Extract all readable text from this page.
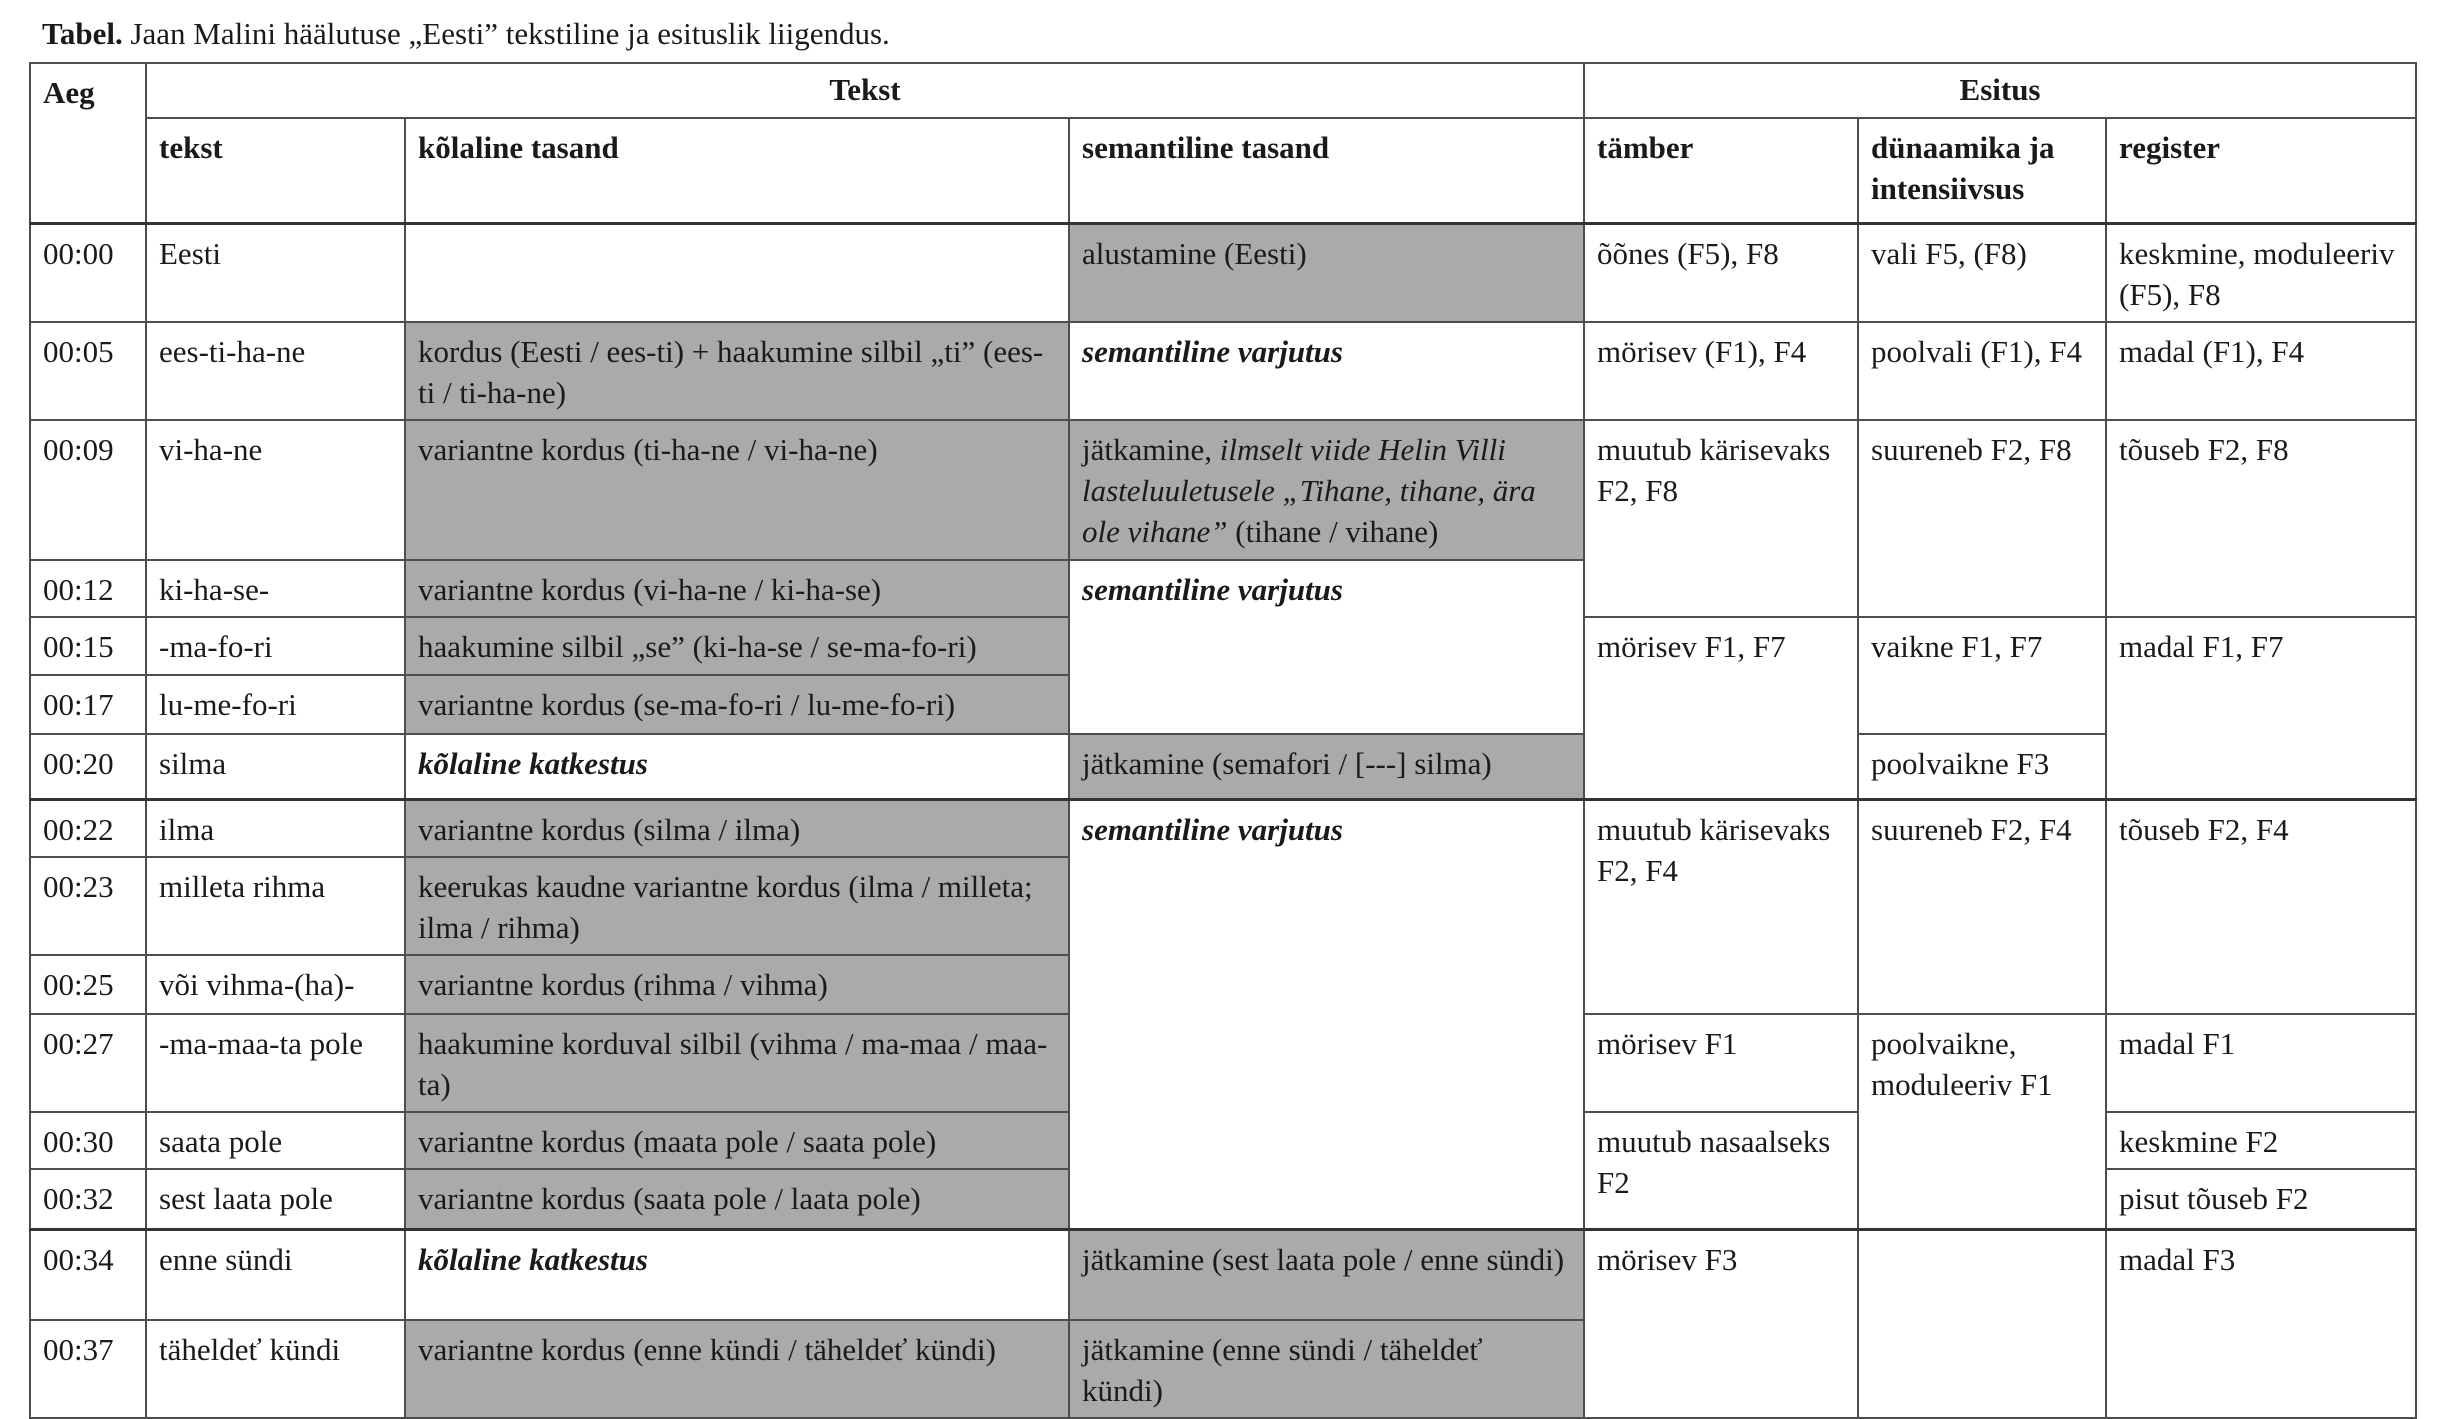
Tabel. Jaan Malini häälutuse „Eesti” tekstiline ja esituslik liigendus.
Aeg	Tekst			Esitus		
	tekst	kõlaline tasand	semantiline tasand	tämber	dünaamika ja intensiivsus	register
00:00	Eesti		alustamine (Eesti)	õõnes (F5), F8	vali F5, (F8)	keskmine, moduleeriv (F5), F8
00:05	ees-ti-ha-ne	kordus (Eesti / ees-ti) + haakumine silbil „ti” (ees-ti / ti-ha-ne)	semantiline varjutus	mörisev (F1), F4	poolvali (F1), F4	madal (F1), F4
00:09	vi-ha-ne	variantne kordus (ti-ha-ne / vi-ha-ne)	jätkamine, ilmselt viide Helin Villi lasteluuletusele „Tihane, tihane, ära ole vihane” (tihane / vihane)	muutub kärisevaks F2, F8	suureneb F2, F8	tõuseb F2, F8
00:12	ki-ha-se-	variantne kordus (vi-ha-ne / ki-ha-se)	semantiline varjutus			
00:15	-ma-fo-ri	haakumine silbil „se” (ki-ha-se / se-ma-fo-ri)		mörisev F1, F7	vaikne F1, F7	madal F1, F7
00:17	lu-me-fo-ri	variantne kordus (se-ma-fo-ri / lu-me-fo-ri)				
00:20	silma	kõlaline katkestus	jätkamine (semafori / [---] silma)		poolvaikne F3	
00:22	ilma	variantne kordus (silma / ilma)	semantiline varjutus	muutub kärisevaks F2, F4	suureneb F2, F4	tõuseb F2, F4
00:23	milleta rihma	keerukas kaudne variantne kordus (ilma / milleta; ilma / rihma)				
00:25	või vihma-(ha)-	variantne kordus (rihma / vihma)				
00:27	-ma-maa-ta pole	haakumine korduval silbil (vihma / ma-maa / maa-ta)		mörisev F1	poolvaikne, moduleeriv F1	madal F1
00:30	saata pole	variantne kordus (maata pole / saata pole)		muutub nasaalseks F2		keskmine F2
00:32	sest laata pole	variantne kordus (saata pole / laata pole)				pisut tõuseb F2
00:34	enne sündi	kõlaline katkestus	jätkamine (sest laata pole / enne sündi)	mörisev F3		madal F3
00:37	täheldeť kündi	variantne kordus (enne kündi / täheldeť kündi)	jätkamine (enne sündi / täheldeť kündi)			
